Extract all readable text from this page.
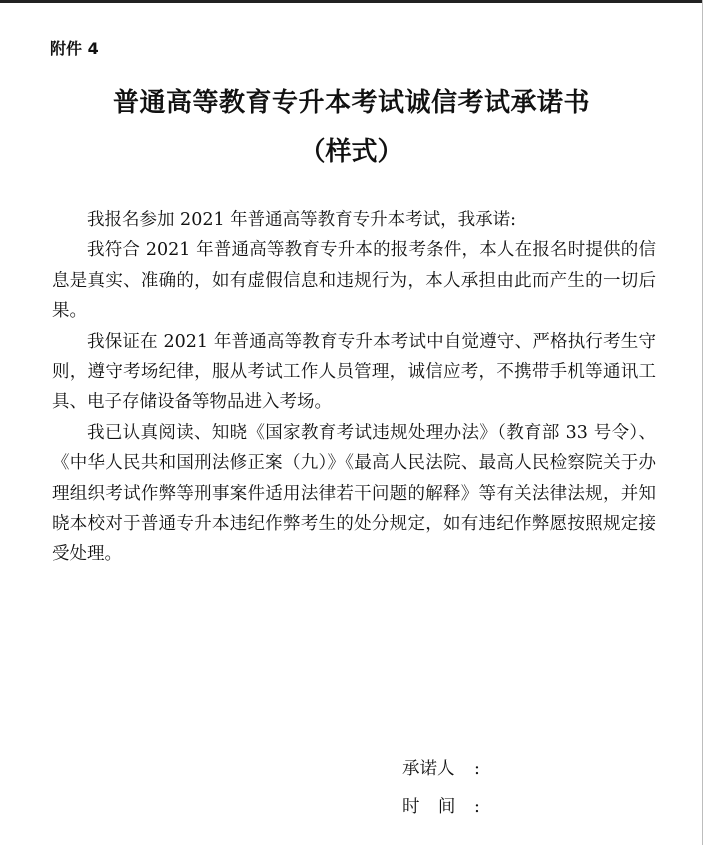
附件 4
普通高等教育专升本考试诚信考试承诺书
（样式）

我报名参加 2021 年普通高等教育专升本考试，我承诺:

我符合 2021 年普通高等教育专升本的报考条件，本人在报名时提供的信息是真实、准确的，如有虚假信息和违规行为，本人承担由此而产生的一切后果。

我保证在 2021 年普通高等教育专升本考试中自觉遵守、严格执行考生守则，遵守考场纪律，服从考试工作人员管理，诚信应考，不携带手机等通讯工具、电子存储设备等物品进入考场。

我已认真阅读、知晓《国家教育考试违规处理办法》（教育部 33 号令）、《中华人民共和国刑法修正案（九）》《最高人民法院、最高人民检察院关于办理组织考试作弊等刑事案件适用法律若干问题的解释》等有关法律法规，并知晓本校对于普通专升本违纪作弊考生的处分规定，如有违纪作弊愿按照规定接受处理。

承诺人 :
时间:
